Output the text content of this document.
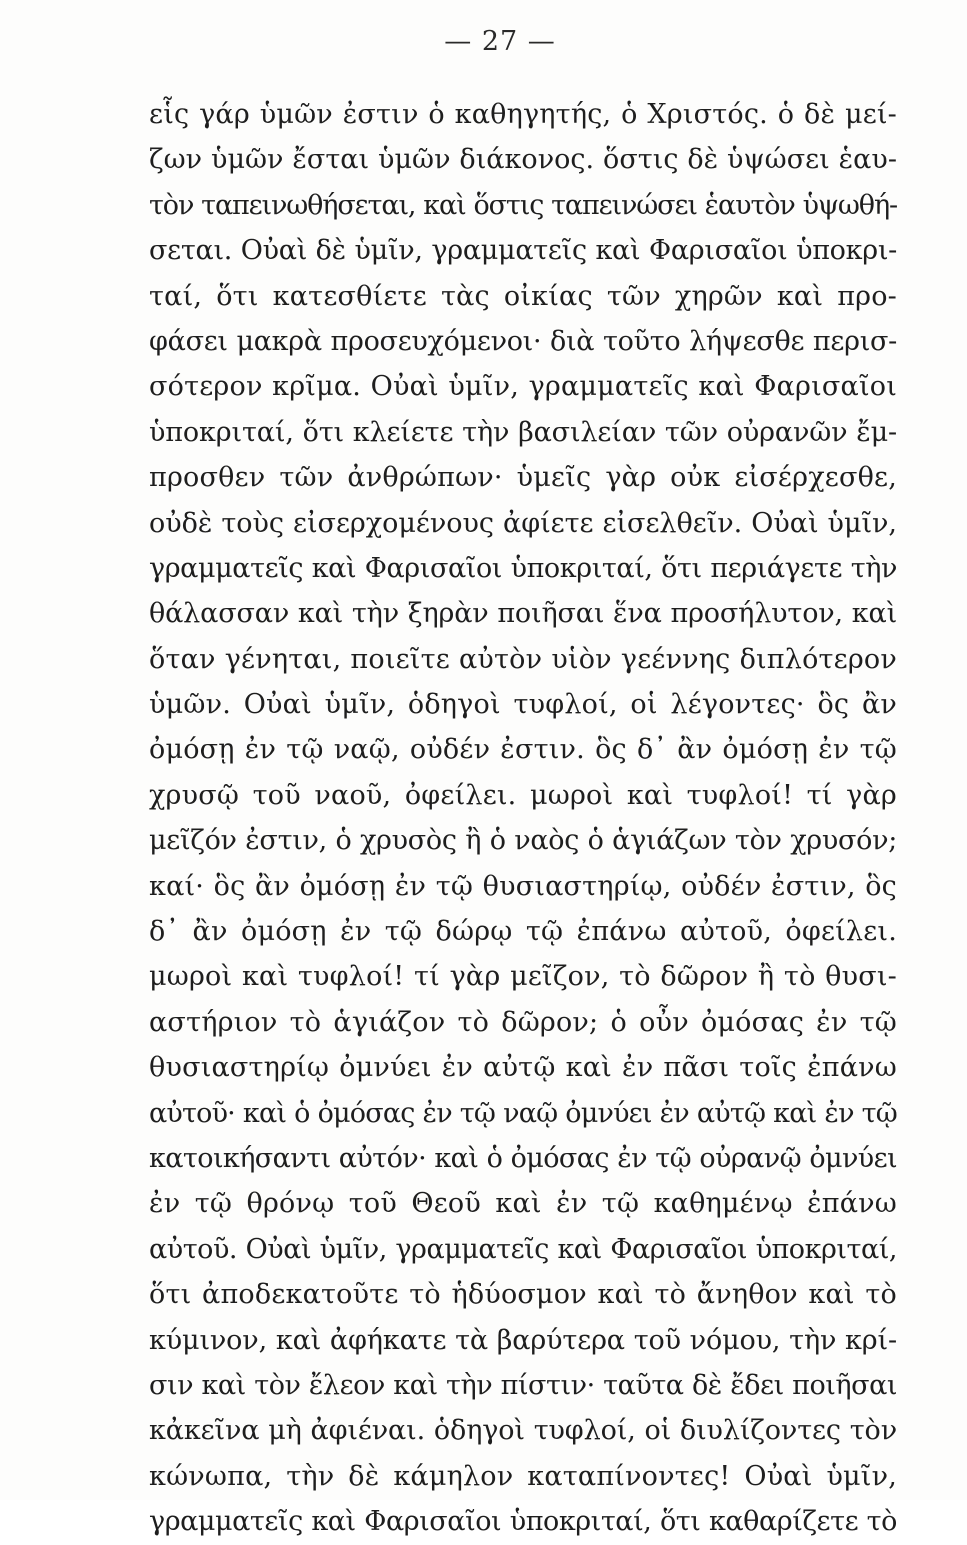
— 27 —
εἷς γάρ ὑμῶν ἐστιν ὁ καθηγητής, ὁ Χριστός. ὁ δὲ μεί-
ζων ὑμῶν ἔσται ὑμῶν διάκονος. ὅστις δὲ ὑψώσει ἑαυ-
τὸν ταπεινωθήσεται, καὶ ὅστις ταπεινώσει ἑαυτὸν ὑψωθή-
σεται. Οὐαὶ δὲ ὑμῖν, γραμματεῖς καὶ Φαρισαῖοι ὑποκρι-
ταί, ὅτι κατεσθίετε τὰς οἰκίας τῶν χηρῶν καὶ προ-
φάσει μακρὰ προσευχόμενοι· διὰ τοῦτο λήψεσθε περισ-
σότερον κρῖμα. Οὐαὶ ὑμῖν, γραμματεῖς καὶ Φαρισαῖοι
ὑποκριταί, ὅτι κλείετε τὴν βασιλείαν τῶν οὐρανῶν ἔμ-
προσθεν τῶν ἀνθρώπων· ὑμεῖς γὰρ οὐκ εἰσέρχεσθε,
οὐδὲ τοὺς εἰσερχομένους ἀφίετε εἰσελθεῖν. Οὐαὶ ὑμῖν,
γραμματεῖς καὶ Φαρισαῖοι ὑποκριταί, ὅτι περιάγετε τὴν
θάλασσαν καὶ τὴν ξηρὰν ποιῆσαι ἕνα προσήλυτον, καὶ
ὅταν γένηται, ποιεῖτε αὐτὸν υἱὸν γεέννης διπλότερον
ὑμῶν. Οὐαὶ ὑμῖν, ὁδηγοὶ τυφλοί, οἱ λέγοντες· ὃς ἂν
ὀμόσῃ ἐν τῷ ναῷ, οὐδέν ἐστιν. ὃς δ᾽ ἂν ὀμόσῃ ἐν τῷ
χρυσῷ τοῦ ναοῦ, ὀφείλει. μωροὶ καὶ τυφλοί! τί γὰρ
μεῖζόν ἐστιν, ὁ χρυσὸς ἢ ὁ ναὸς ὁ ἁγιάζων τὸν χρυσόν;
καί· ὃς ἂν ὀμόσῃ ἐν τῷ θυσιαστηρίῳ, οὐδέν ἐστιν, ὃς
δ᾽ ἂν ὀμόσῃ ἐν τῷ δώρῳ τῷ ἐπάνω αὐτοῦ, ὀφείλει.
μωροὶ καὶ τυφλοί! τί γὰρ μεῖζον, τὸ δῶρον ἢ τὸ θυσι-
αστήριον τὸ ἁγιάζον τὸ δῶρον; ὁ οὖν ὀμόσας ἐν τῷ
θυσιαστηρίῳ ὀμνύει ἐν αὐτῷ καὶ ἐν πᾶσι τοῖς ἐπάνω
αὐτοῦ· καὶ ὁ ὀμόσας ἐν τῷ ναῷ ὀμνύει ἐν αὐτῷ καὶ ἐν τῷ
κατοικήσαντι αὐτόν· καὶ ὁ ὀμόσας ἐν τῷ οὐρανῷ ὀμνύει
ἐν τῷ θρόνῳ τοῦ Θεοῦ καὶ ἐν τῷ καθημένῳ ἐπάνω
αὐτοῦ. Οὐαὶ ὑμῖν, γραμματεῖς καὶ Φαρισαῖοι ὑποκριταί,
ὅτι ἀποδεκατοῦτε τὸ ἡδύοσμον καὶ τὸ ἄνηθον καὶ τὸ
κύμινον, καὶ ἀφήκατε τὰ βαρύτερα τοῦ νόμου, τὴν κρί-
σιν καὶ τὸν ἔλεον καὶ τὴν πίστιν· ταῦτα δὲ ἔδει ποιῆσαι
κἀκεῖνα μὴ ἀφιέναι. ὁδηγοὶ τυφλοί, οἱ διυλίζοντες τὸν
κώνωπα, τὴν δὲ κάμηλον καταπίνοντες! Οὐαὶ ὑμῖν,
γραμματεῖς καὶ Φαρισαῖοι ὑποκριταί, ὅτι καθαρίζετε τὸ
